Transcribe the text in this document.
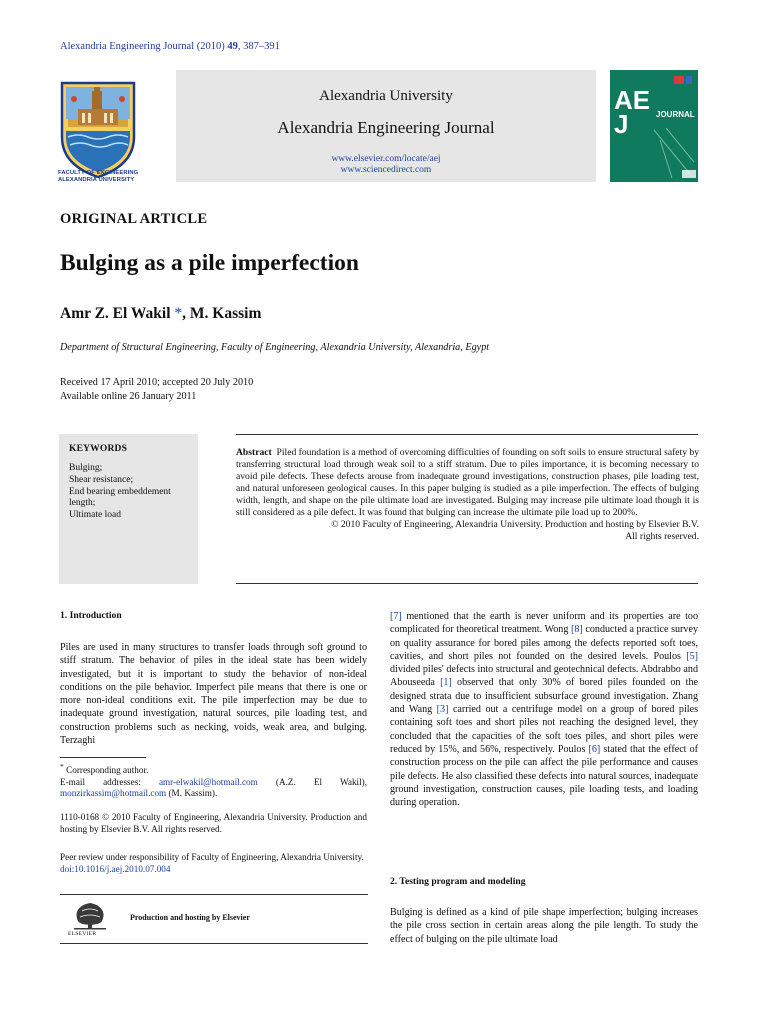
Alexandria Engineering Journal (2010) 49, 387–391
FACULTY OF ENGINEERING
ALEXANDRIA UNIVERSITY
Alexandria University
Alexandria Engineering Journal
www.elsevier.com/locate/aej
www.sciencedirect.com
AEJ	JOURNAL
ORIGINAL ARTICLE
Bulging as a pile imperfection
Amr Z. El Wakil *, M. Kassim
Department of Structural Engineering, Faculty of Engineering, Alexandria University, Alexandria, Egypt
Received 17 April 2010; accepted 20 July 2010
Available online 26 January 2011
KEYWORDS
Bulging;
Shear resistance;
End bearing embeddement length;
Ultimate load
Abstract Piled foundation is a method of overcoming difficulties of founding on soft soils to ensure structural safety by transferring structural load through weak soil to a stiff stratum. Due to piles importance, it is becoming necessary to avoid pile defects. These defects arouse from inadequate ground investigations, construction phases, pile loading test, and natural unforeseen geological causes. In this paper bulging is studied as a pile imperfection. The effects of bulging width, length, and shape on the pile ultimate load are investigated. Bulging may increase pile ultimate load though it is still considered as a pile defect. It was found that bulging can increase the ultimate pile load up to 200%.
© 2010 Faculty of Engineering, Alexandria University. Production and hosting by Elsevier B.V.
All rights reserved.
1. Introduction
Piles are used in many structures to transfer loads through soft ground to stiff stratum. The behavior of piles in the ideal state has been widely investigated, but it is important to study the behavior of non-ideal conditions on the pile behavior. Imperfect pile means that there is one or more non-ideal conditions exit. The pile imperfection may be due to inadequate ground investigation, natural sources, pile loading test, and construction problems such as necking, voids, weak area, and bulging. Terzaghi
* Corresponding author.
E-mail addresses: amr-elwakil@hotmail.com (A.Z. El Wakil), monzirkassim@hotmail.com (M. Kassim).
1110-0168 © 2010 Faculty of Engineering, Alexandria University. Production and hosting by Elsevier B.V. All rights reserved.
Peer review under responsibility of Faculty of Engineering, Alexandria University.
doi:10.1016/j.aej.2010.07.004
ELSEVIER
Production and hosting by Elsevier
[7] mentioned that the earth is never uniform and its properties are too complicated for theoretical treatment. Wong [8] conducted a practice survey on quality assurance for bored piles among the defects reported soft toes, cavities, and short piles not founded on the desired levels. Poulos [5] divided piles' defects into structural and geotechnical defects. Abdrabbo and Abouseeda [1] observed that only 30% of bored piles founded on the designed strata due to insufficient subsurface ground investigation. Zhang and Wang [3] carried out a centrifuge model on a group of bored piles containing soft toes and short piles not reaching the designed level, they concluded that the capacities of the soft toes piles, and short piles were reduced by 15%, and 56%, respectively. Poulos [6] stated that the effect of construction process on the pile can affect the pile performance and causes pile defects. He also classified these defects into natural sources, inadequate ground investigation, construction causes, pile loading tests, and loading during operation.
2. Testing program and modeling
Bulging is defined as a kind of pile shape imperfection; bulging increases the pile cross section in certain areas along the pile length. To study the effect of bulging on the pile ultimate load
